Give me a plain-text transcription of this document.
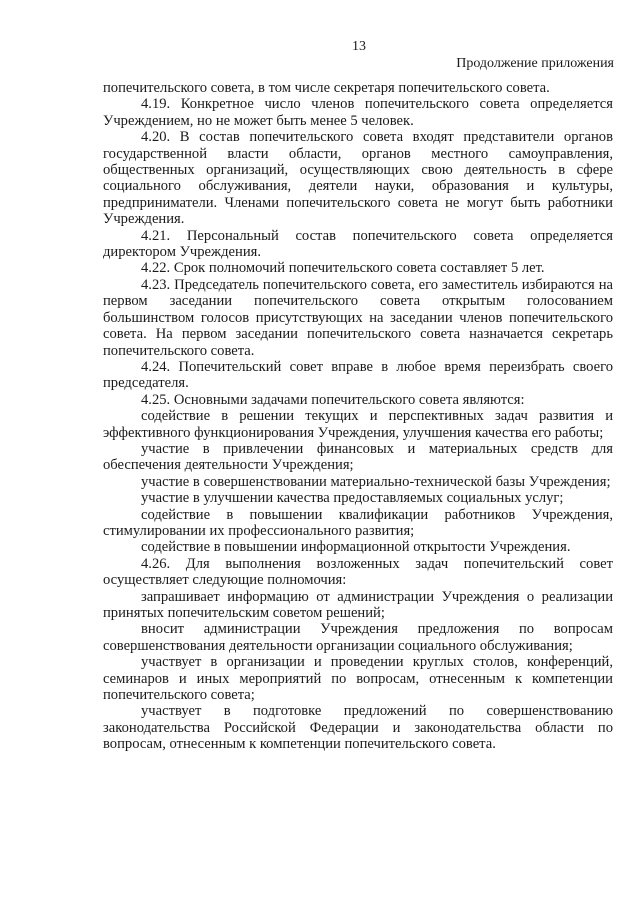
13
Продолжение приложения

попечительского совета, в том числе секретаря попечительского совета.

4.19. Конкретное число членов попечительского совета определяется Учреждением, но не может быть менее 5 человек.

4.20. В состав попечительского совета входят представители органов государственной власти области, органов местного самоуправления, общественных организаций, осуществляющих свою деятельность в сфере социального обслуживания, деятели науки, образования и культуры, предприниматели. Членами попечительского совета не могут быть работники Учреждения.

4.21. Персональный состав попечительского совета определяется директором Учреждения.

4.22. Срок полномочий попечительского совета составляет 5 лет.

4.23. Председатель попечительского совета, его заместитель избираются на первом заседании попечительского совета открытым голосованием большинством голосов присутствующих на заседании членов попечительского совета. На первом заседании попечительского совета назначается секретарь попечительского совета.

4.24. Попечительский совет вправе в любое время переизбрать своего председателя.

4.25. Основными задачами попечительского совета являются:

содействие в решении текущих и перспективных задач развития и эффективного функционирования Учреждения, улучшения качества его работы;

участие в привлечении финансовых и материальных средств для обеспечения деятельности Учреждения;

участие в совершенствовании материально-технической базы Учреждения;

участие в улучшении качества предоставляемых социальных услуг;

содействие в повышении квалификации работников Учреждения, стимулировании их профессионального развития;

содействие в повышении информационной открытости Учреждения.

4.26. Для выполнения возложенных задач попечительский совет осуществляет следующие полномочия:

запрашивает информацию от администрации Учреждения о реализации принятых попечительским советом решений;

вносит администрации Учреждения предложения по вопросам совершенствования деятельности организации социального обслуживания;

участвует в организации и проведении круглых столов, конференций, семинаров и иных мероприятий по вопросам, отнесенным к компетенции попечительского совета;

участвует в подготовке предложений по совершенствованию законодательства Российской Федерации и законодательства области по вопросам, отнесенным к компетенции попечительского совета.
